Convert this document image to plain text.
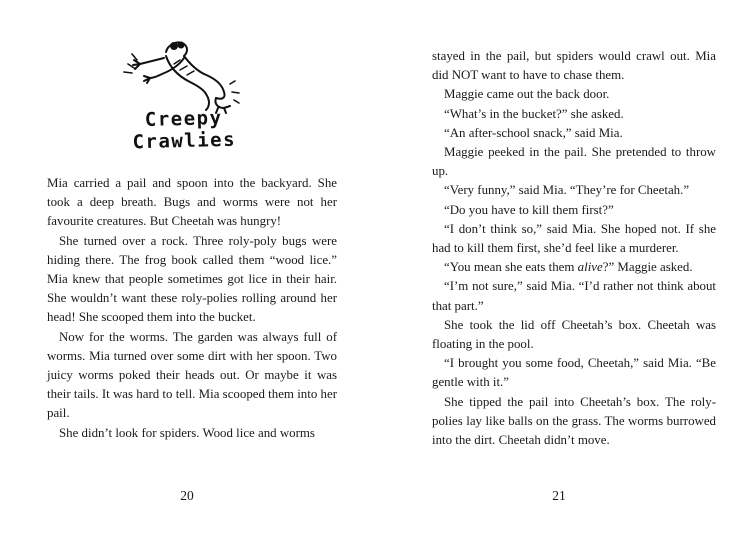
Creepy Crawlies

Mia carried a pail and spoon into the backyard. She took a deep breath. Bugs and worms were not her favourite creatures. But Cheetah was hungry!

She turned over a rock. Three roly-poly bugs were hiding there. The frog book called them “wood lice.” Mia knew that people sometimes got lice in their hair. She wouldn’t want these roly-polies rolling around her head! She scooped them into the bucket.

Now for the worms. The garden was always full of worms. Mia turned over some dirt with her spoon. Two juicy worms poked their heads out. Or maybe it was their tails. It was hard to tell. Mia scooped them into her pail.

She didn’t look for spiders. Wood lice and worms

20

stayed in the pail, but spiders would crawl out. Mia did NOT want to have to chase them.

Maggie came out the back door.

“What’s in the bucket?” she asked.

“An after-school snack,” said Mia.

Maggie peeked in the pail. She pretended to throw up.

“Very funny,” said Mia. “They’re for Cheetah.”

“Do you have to kill them first?”

“I don’t think so,” said Mia. She hoped not. If she had to kill them first, she’d feel like a murderer.

“You mean she eats them alive?” Maggie asked.

“I’m not sure,” said Mia. “I’d rather not think about that part.”

She took the lid off Cheetah’s box. Cheetah was floating in the pool.

“I brought you some food, Cheetah,” said Mia. “Be gentle with it.”

She tipped the pail into Cheetah’s box. The roly-polies lay like balls on the grass. The worms burrowed into the dirt. Cheetah didn’t move.

21
